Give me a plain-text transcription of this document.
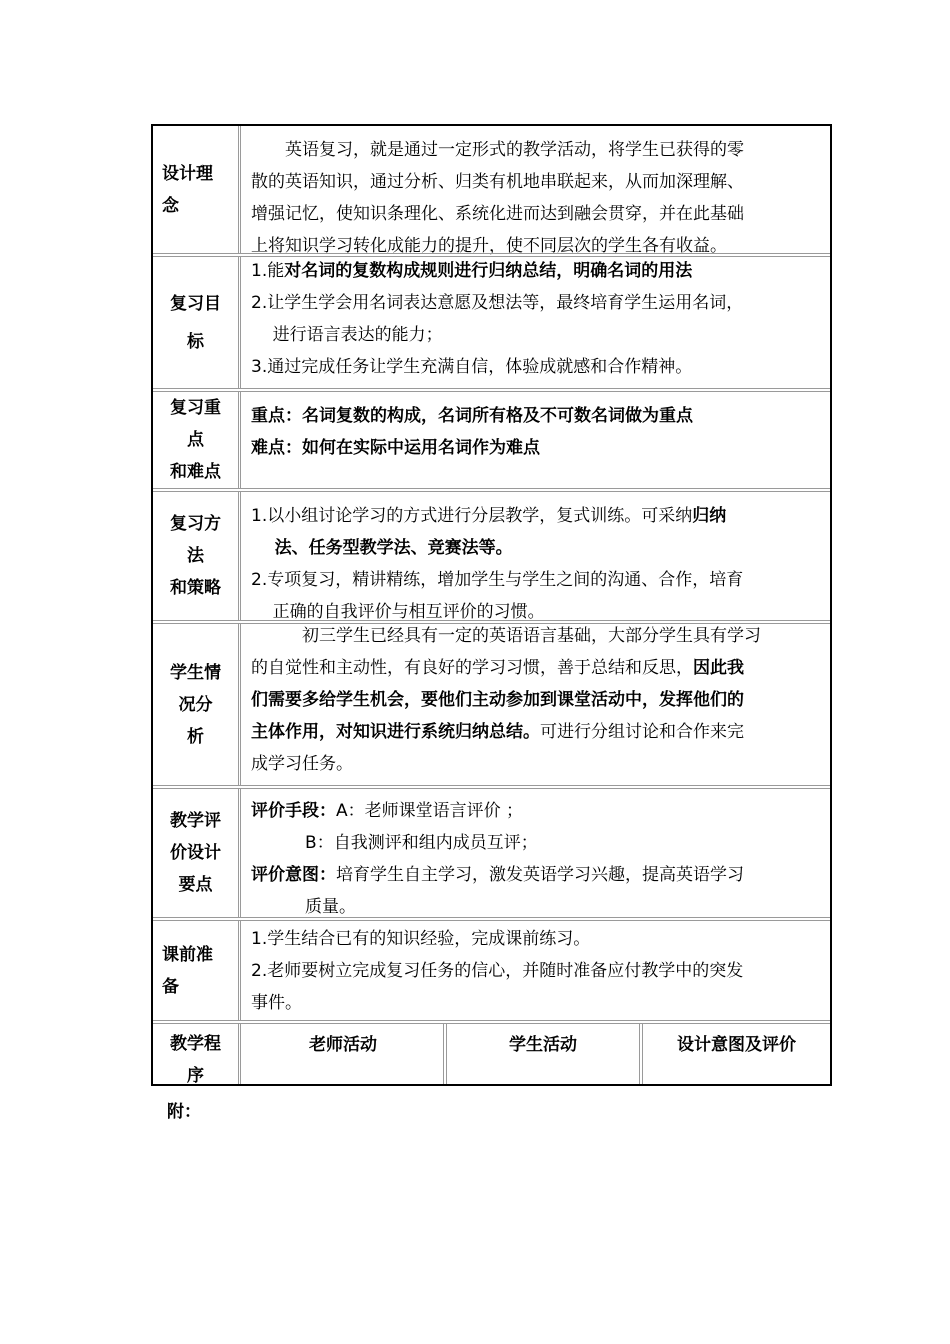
设计理
念
　　英语复习，就是通过一定形式的教学活动，将学生已获得的零
散的英语知识，通过分析、归类有机地串联起来，从而加深理解、
增强记忆，使知识条理化、系统化进而达到融会贯穿，并在此基础
上将知识学习转化成能力的提升，使不同层次的学生各有收益。
复习目
标
1.能对名词的复数构成规则进行归纳总结，明确名词的用法
2.让学生学会用名词表达意愿及想法等，最终培育学生运用名词，
进行语言表达的能力；
3.通过完成任务让学生充满自信，体验成就感和合作精神。
复习重
点
和难点
重点：名词复数的构成，名词所有格及不可数名词做为重点
难点：如何在实际中运用名词作为难点
复习方
法
和策略
1.以小组讨论学习的方式进行分层教学，复式训练。可采纳归纳
法、任务型教学法、竞赛法等。
2.专项复习，精讲精练，增加学生与学生之间的沟通、合作，培育
正确的自我评价与相互评价的习惯。
学生情
况分
析
　　　初三学生已经具有一定的英语语言基础，大部分学生具有学习
的自觉性和主动性，有良好的学习习惯，善于总结和反思，因此我
们需要多给学生机会，要他们主动参加到课堂活动中，发挥他们的
主体作用，对知识进行系统归纳总结。可进行分组讨论和合作来完
成学习任务。
教学评
价设计
要点
评价手段：A：老师课堂语言评价 ；
B：自我测评和组内成员互评；
评价意图：培育学生自主学习，激发英语学习兴趣，提高英语学习
质量。
课前准
备
1.学生结合已有的知识经验，完成课前练习。
2.老师要树立完成复习任务的信心，并随时准备应付教学中的突发
事件。
教学程
序
老师活动	学生活动	设计意图及评价
附：
